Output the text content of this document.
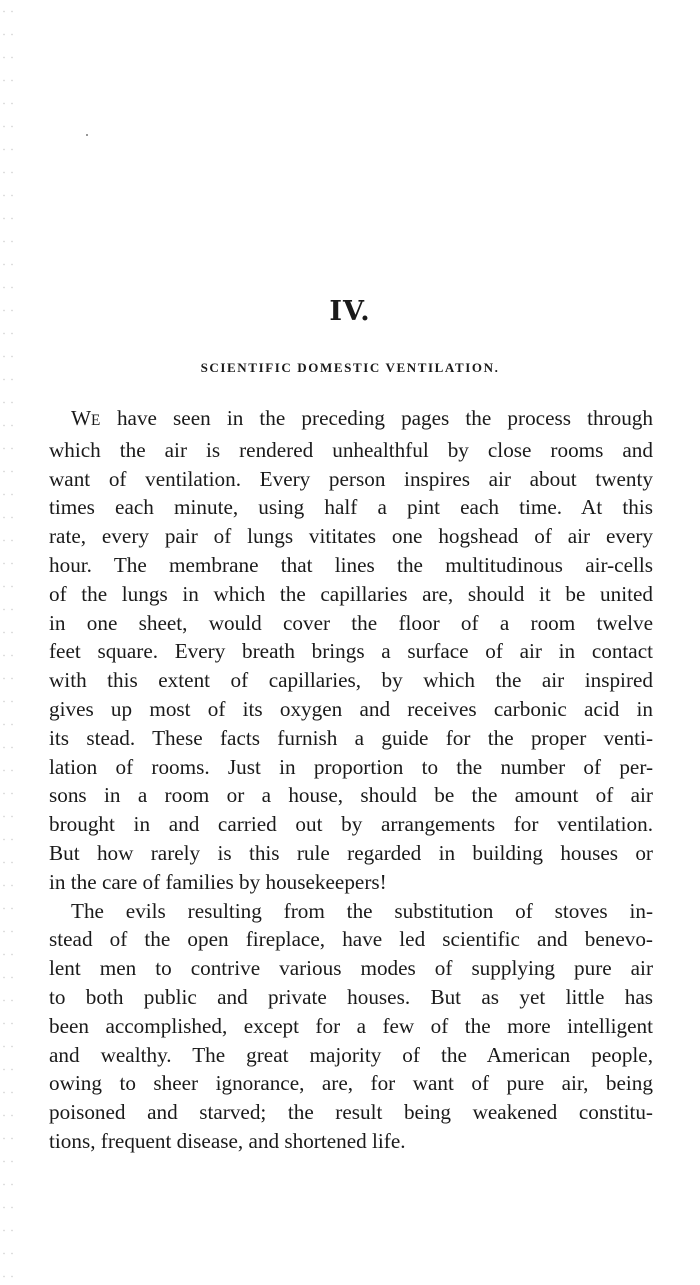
IV.
SCIENTIFIC DOMESTIC VENTILATION.
WE have seen in the preceding pages the process through
which the air is rendered unhealthful by close rooms and
want of ventilation. Every person inspires air about twenty
times each minute, using half a pint each time. At this
rate, every pair of lungs vititates one hogshead of air every
hour. The membrane that lines the multitudinous air-cells
of the lungs in which the capillaries are, should it be united
in one sheet, would cover the floor of a room twelve
feet square. Every breath brings a surface of air in contact
with this extent of capillaries, by which the air inspired
gives up most of its oxygen and receives carbonic acid in
its stead. These facts furnish a guide for the proper venti-
lation of rooms. Just in proportion to the number of per-
sons in a room or a house, should be the amount of air
brought in and carried out by arrangements for ventilation.
But how rarely is this rule regarded in building houses or
in the care of families by housekeepers!
The evils resulting from the substitution of stoves in-
stead of the open fireplace, have led scientific and benevo-
lent men to contrive various modes of supplying pure air
to both public and private houses. But as yet little has
been accomplished, except for a few of the more intelligent
and wealthy. The great majority of the American people,
owing to sheer ignorance, are, for want of pure air, being
poisoned and starved; the result being weakened constitu-
tions, frequent disease, and shortened life.
